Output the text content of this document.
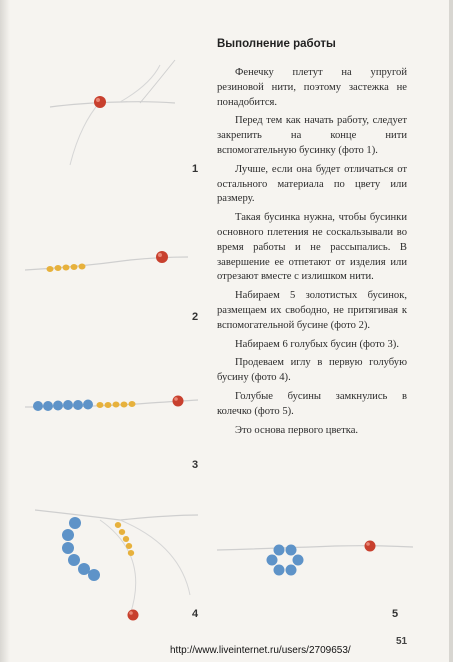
1
2
3
4	5
Выполнение работы

Фенечку плетут на упругой резиновой нити, поэтому застежка не понадобится.

Перед тем как начать работу, следует закрепить на конце нити вспомогательную бусинку (фото 1).

Лучше, если она будет отличаться от остального материала по цвету или размеру.

Такая бусинка нужна, чтобы бусинки основного плетения не соскальзывали во время работы и не рассыпались. В завершение ее отпетают от изделия или отрезают вместе с излишком нити.

Набираем 5 золотистых бусинок, размещаем их свободно, не притягивая к вспомогательной бусине (фото 2).

Набираем 6 голубых бусин (фото 3).

Продеваем иглу в первую голубую бусину (фото 4).

Голубые бусины замкнулись в колечко (фото 5).

Это основа первого цветка.

51
http://www.liveinternet.ru/users/2709653/
